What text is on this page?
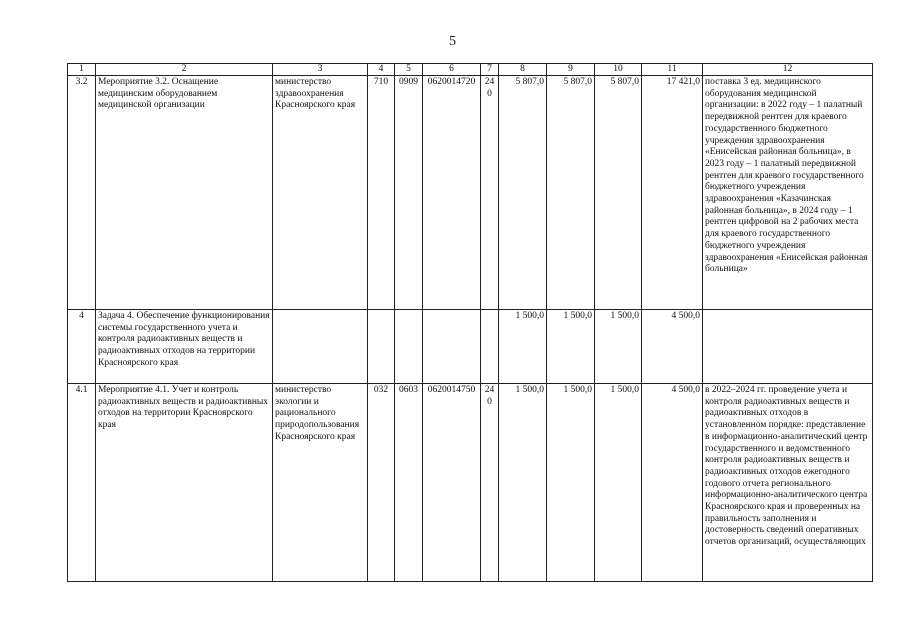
5
1	2	3	4	5	6	7	8	9	10	11	12
3.2	Мероприятие 3.2. Оснащение медицинским оборудованием медицинской организации	министерство здравоохранения Красноярского края	710	0909	0620014720	240	5 807,0	5 807,0	5 807,0	17 421,0	поставка 3 ед. медицинского оборудования медицинской организации: в 2022 году – 1 палатный передвижной рентген для краевого государственного бюджетного учреждения здравоохранения «Енисейская районная больница», в 2023 году – 1 палатный передвижной рентген для краевого государственного бюджетного учреждения здравоохранения «Казачинская районная больница», в 2024 году – 1 рентген цифровой на 2 рабочих места для краевого государственного бюджетного учреждения здравоохранения «Енисейская районная больница»
4	Задача 4. Обеспечение функционирования системы государственного учета и контроля радиоактивных веществ и радиоактивных отходов на территории Красноярского края						1 500,0	1 500,0	1 500,0	4 500,0	
4.1	Мероприятие 4.1. Учет и контроль радиоактивных веществ и радиоактивных отходов на территории Красноярского края	министерство экологии и рационального природопользования Красноярского края	032	0603	0620014750	240	1 500,0	1 500,0	1 500,0	4 500,0	в 2022–2024 гг. проведение учета и контроля радиоактивных веществ и радиоактивных отходов в установленном порядке: представление в информационно-аналитический центр государственного и ведомственного контроля радиоактивных веществ и радиоактивных отходов ежегодного годового отчета регионального информационно-аналитического центра Красноярского края и проверенных на правильность заполнения и достоверность сведений оперативных отчетов организаций, осуществляющих
